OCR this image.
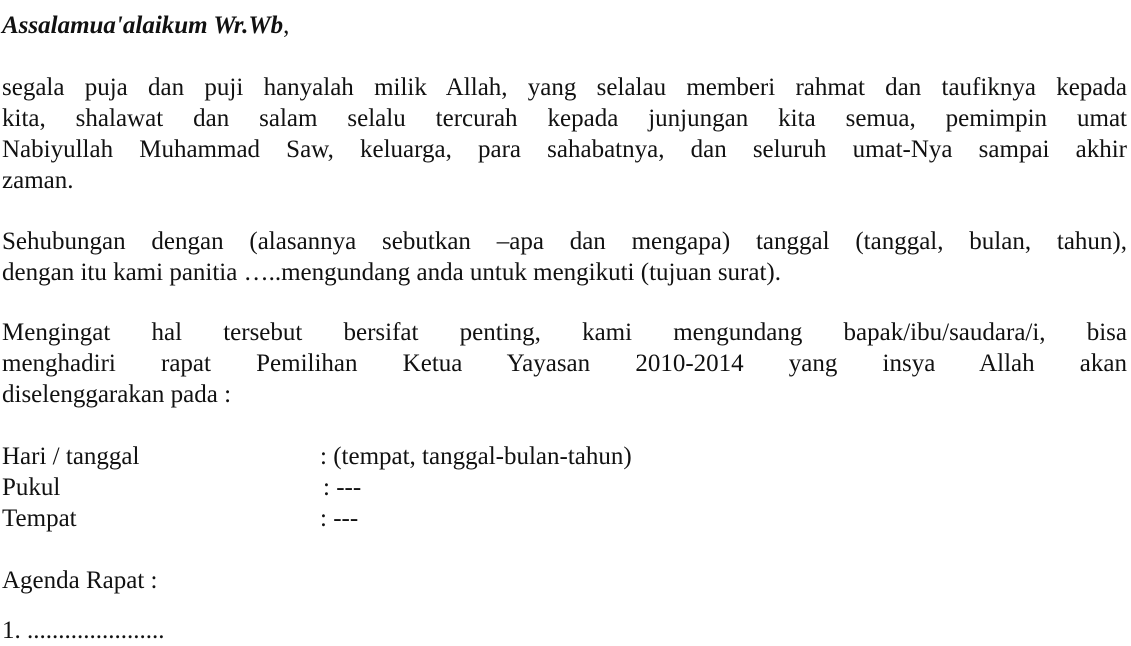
Assalamua'alaikum Wr.Wb,
segala puja dan puji hanyalah milik Allah, yang selalau memberi rahmat dan taufiknya kepada
kita, shalawat dan salam selalu tercurah kepada junjungan kita semua, pemimpin umat
Nabiyullah Muhammad Saw, keluarga, para sahabatnya, dan seluruh umat-Nya sampai akhir
zaman.
Sehubungan dengan (alasannya sebutkan –apa dan mengapa) tanggal (tanggal, bulan, tahun),
dengan itu kami panitia …..mengundang anda untuk mengikuti (tujuan surat).
Mengingat hal tersebut bersifat penting, kami mengundang bapak/ibu/saudara/i, bisa
menghadiri rapat Pemilihan Ketua Yayasan 2010-2014 yang insya Allah akan
diselenggarakan pada :
Hari / tanggal	: (tempat, tanggal-bulan-tahun)
Pukul	: ---
Tempat	: ---
Agenda Rapat :
1. ......................
